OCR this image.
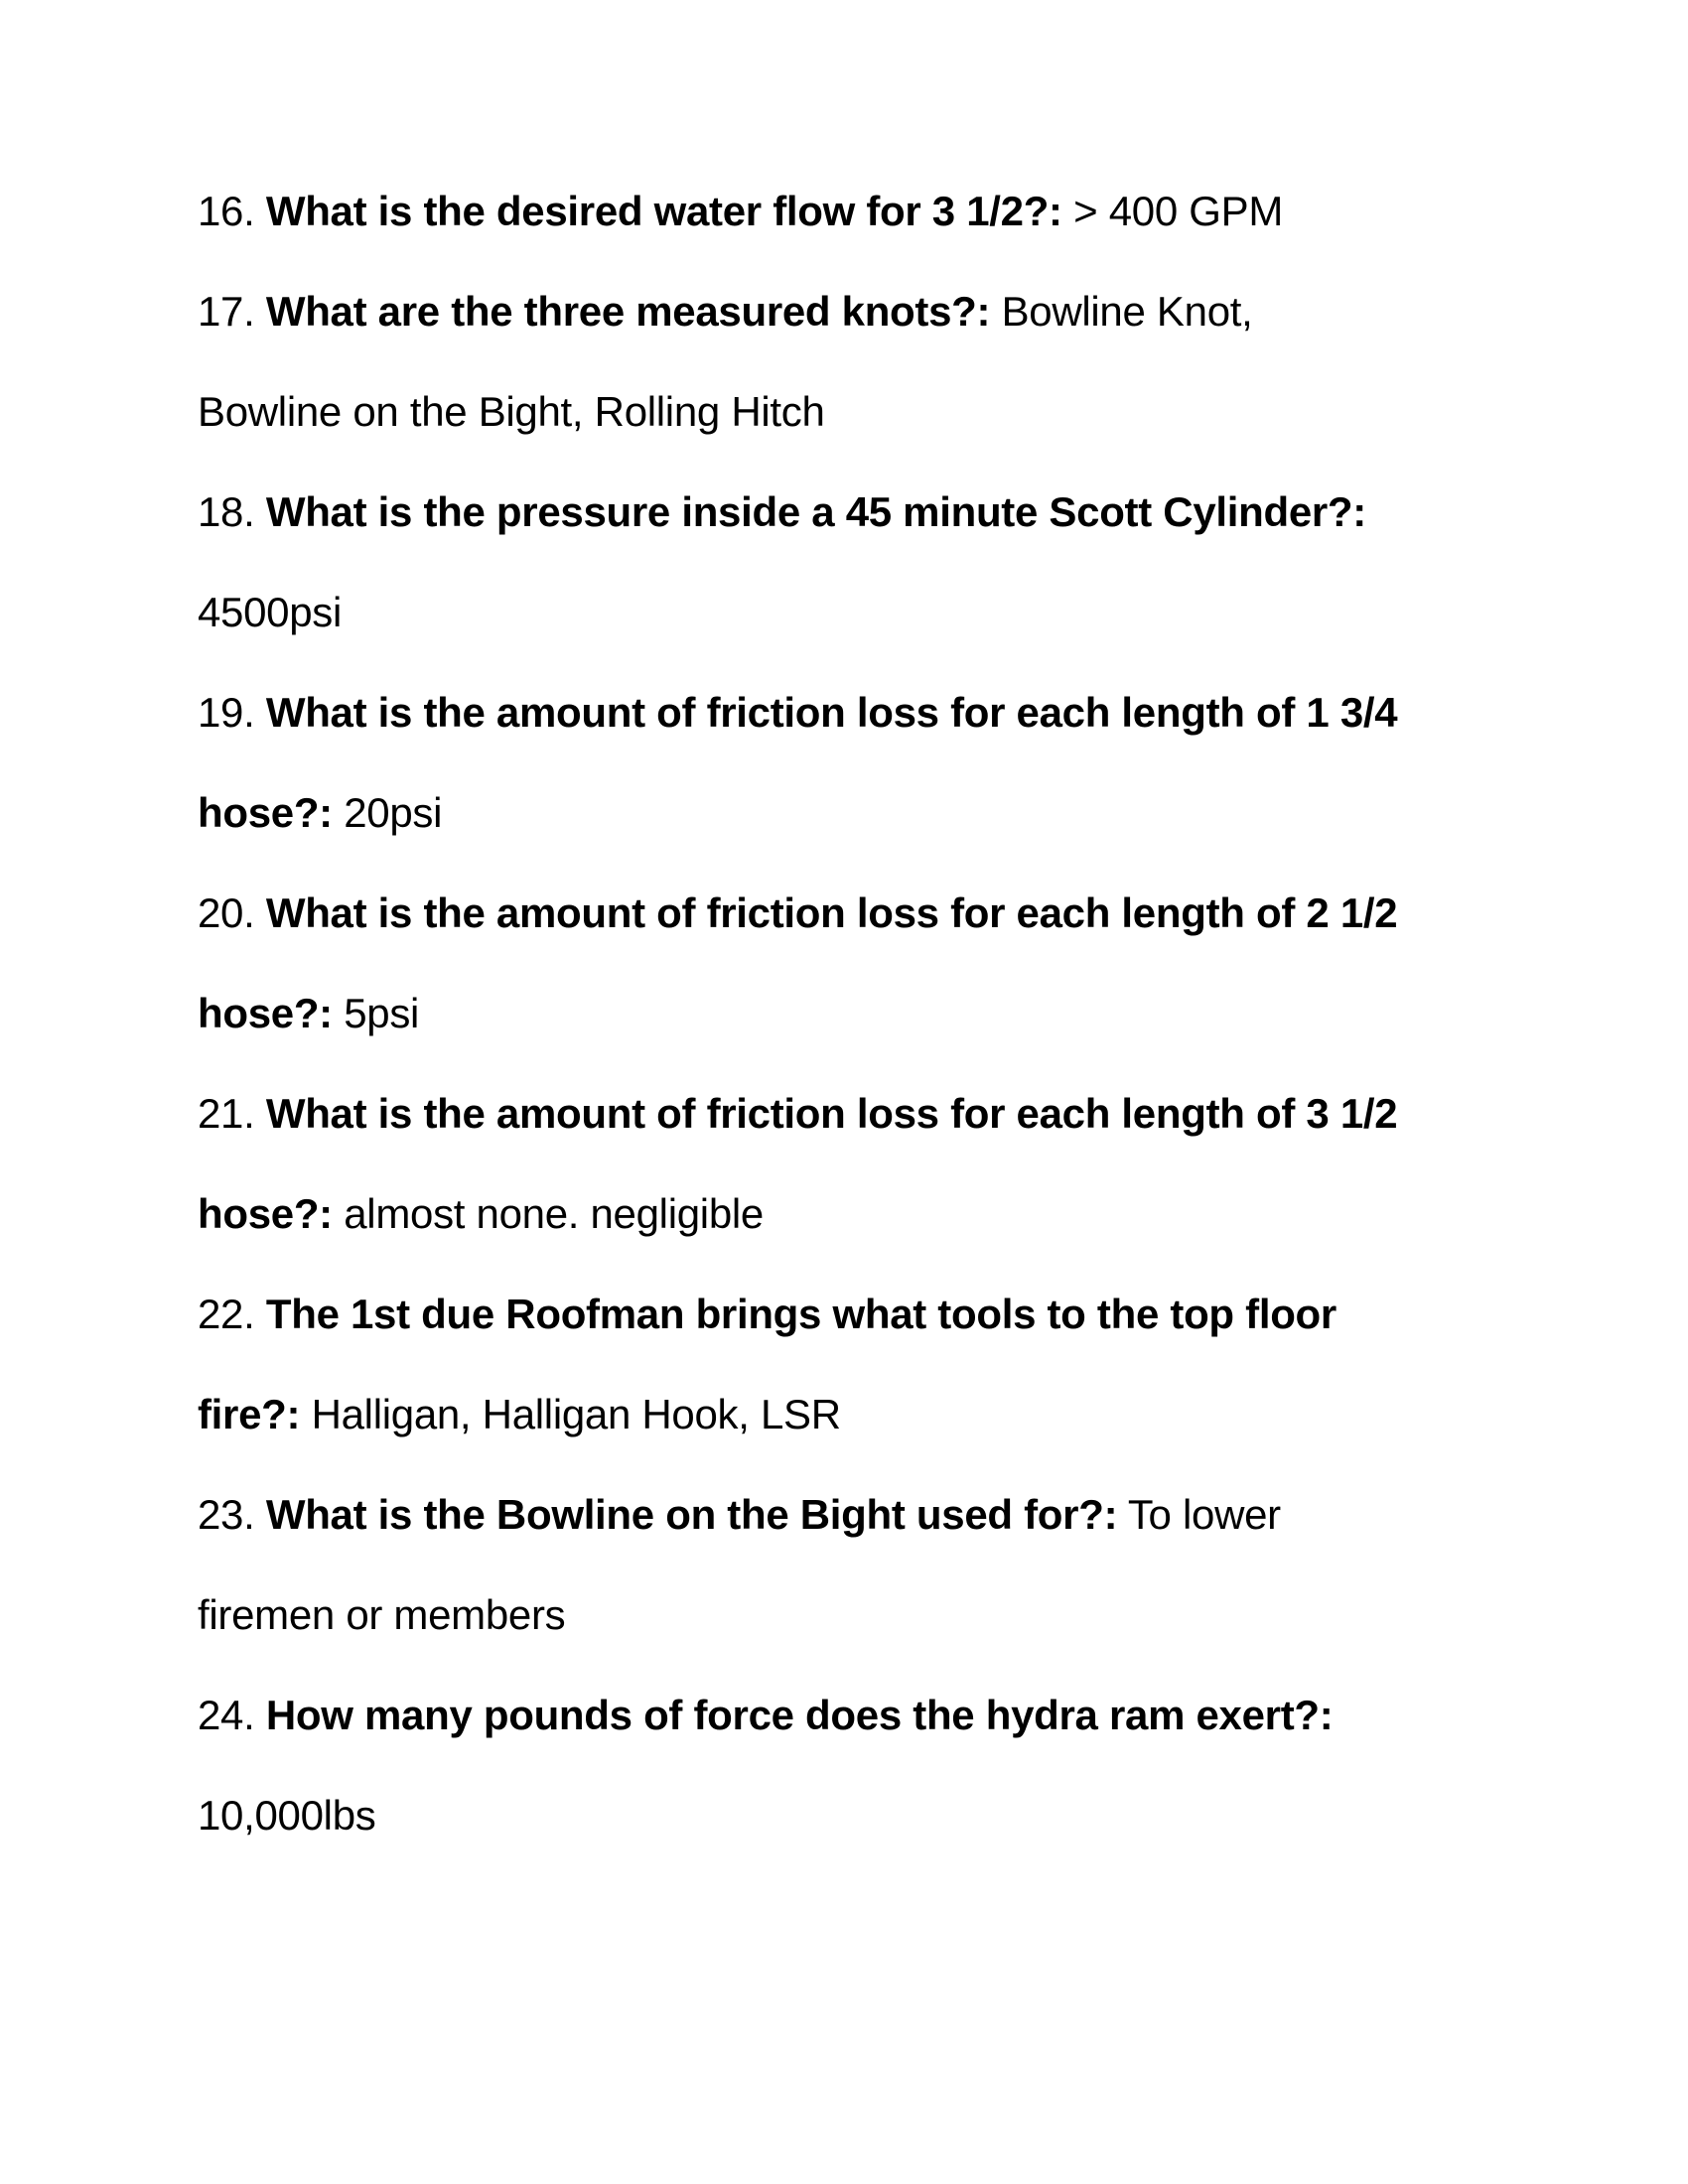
16. What is the desired water flow for 3 1/2?: > 400 GPM
17. What are the three measured knots?: Bowline Knot,
Bowline on the Bight, Rolling Hitch
18. What is the pressure inside a 45 minute Scott Cylinder?:
4500psi
19. What is the amount of friction loss for each length of 1 3/4
hose?: 20psi
20. What is the amount of friction loss for each length of 2 1/2
hose?: 5psi
21. What is the amount of friction loss for each length of 3 1/2
hose?: almost none. negligible
22. The 1st due Roofman brings what tools to the top floor
fire?: Halligan, Halligan Hook, LSR
23. What is the Bowline on the Bight used for?: To lower
firemen or members
24. How many pounds of force does the hydra ram exert?:
10,000lbs
